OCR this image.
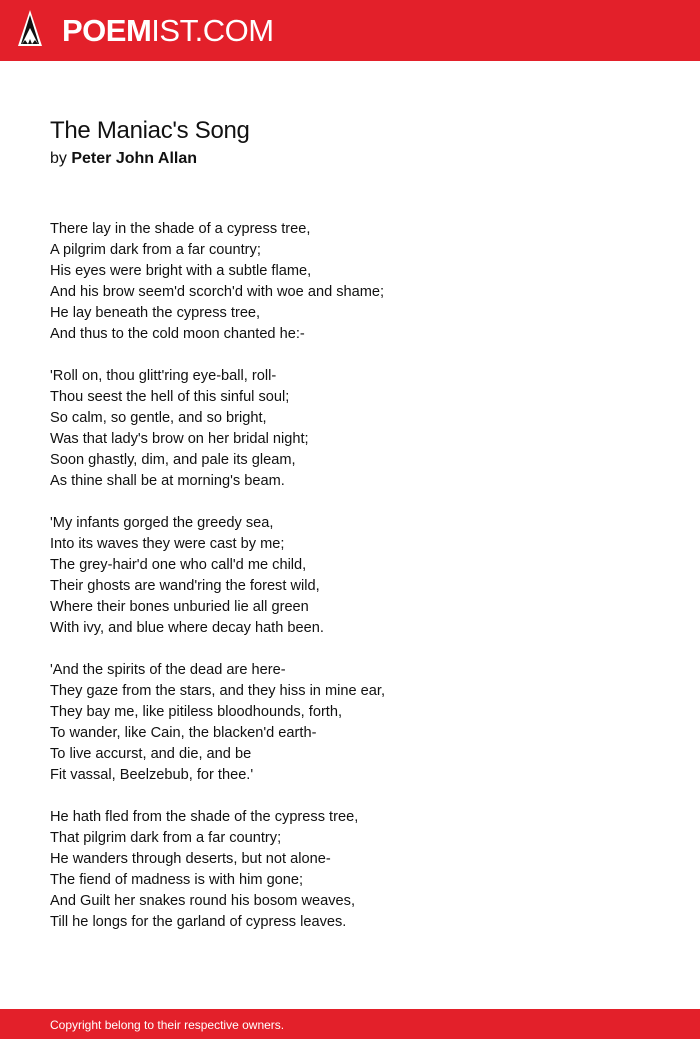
POEMIST.COM
The Maniac's Song
by Peter John Allan
There lay in the shade of a cypress tree,
A pilgrim dark from a far country;
His eyes were bright with a subtle flame,
And his brow seem'd scorch'd with woe and shame;
He lay beneath the cypress tree,
And thus to the cold moon chanted he:-
'Roll on, thou glitt'ring eye-ball, roll-
Thou seest the hell of this sinful soul;
So calm, so gentle, and so bright,
Was that lady's brow on her bridal night;
Soon ghastly, dim, and pale its gleam,
As thine shall be at morning's beam.
'My infants gorged the greedy sea,
Into its waves they were cast by me;
The grey-hair'd one who call'd me child,
Their ghosts are wand'ring the forest wild,
Where their bones unburied lie all green
With ivy, and blue where decay hath been.
'And the spirits of the dead are here-
They gaze from the stars, and they hiss in mine ear,
They bay me, like pitiless bloodhounds, forth,
To wander, like Cain, the blacken'd earth-
To live accurst, and die, and be
Fit vassal, Beelzebub, for thee.'
He hath fled from the shade of the cypress tree,
That pilgrim dark from a far country;
He wanders through deserts, but not alone-
The fiend of madness is with him gone;
And Guilt her snakes round his bosom weaves,
Till he longs for the garland of cypress leaves.
Copyright belong to their respective owners.
